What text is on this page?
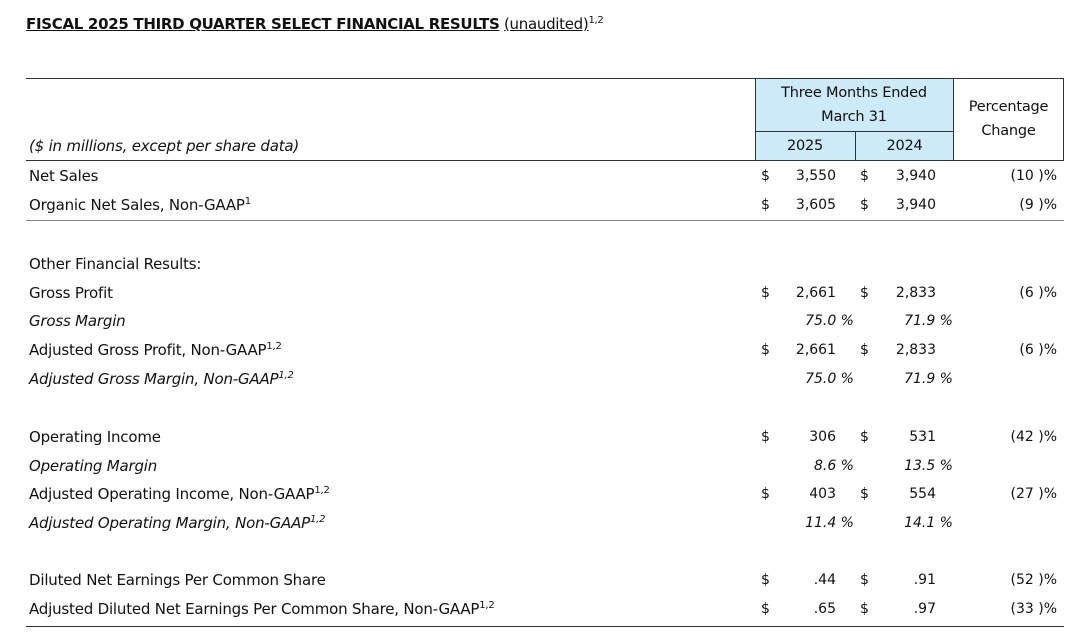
FISCAL 2025 THIRD QUARTER SELECT FINANCIAL RESULTS (unaudited)$^{1,2}$
Three Months Ended
March 31
2025	2024
Percentage
Change
($ in millions, except per share data)
Net Sales	$ 3,550 $ 3,940	(10 )%
Organic Net Sales, Non-GAAP$^1$	$ 3,605 $ 3,940	(9 )%
Other Financial Results:
Gross Profit	$ 2,661 $ 2,833	(6 )%
Gross Margin	75.0 %	71.9 %
Adjusted Gross Profit, Non-GAAP$^{1,2}$	$ 2,661 $ 2,833	(6 )%
Adjusted Gross Margin, Non-GAAP$^{1,2}$	75.0 %	71.9 %
Operating Income	$	306 $	531	(42 )%
Operating Margin	8.6 %	13.5 %
Adjusted Operating Income, Non-GAAP$^{1,2}$	$	403 $	554	(27 )%
Adjusted Operating Margin, Non-GAAP$^{1,2}$	11.4 %	14.1 %
Diluted Net Earnings Per Common Share	$	.44 $	.91	(52 )%
Adjusted Diluted Net Earnings Per Common Share, Non-GAAP$^{1,2}$	$	.65 $	.97	(33 )%
